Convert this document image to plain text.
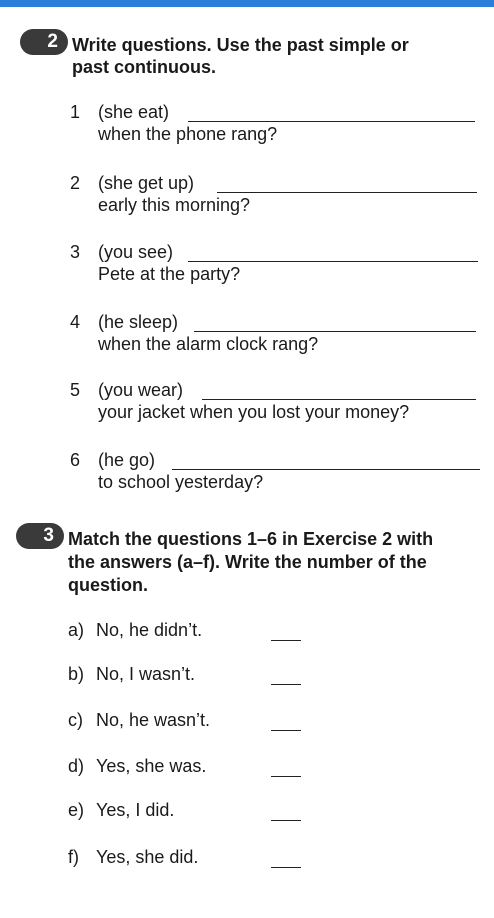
2 Write questions. Use the past simple or
past continuous.
1 (she eat)
when the phone rang?
2 (she get up)
early this morning?
3 (you see)
Pete at the party?
4 (he sleep)
when the alarm clock rang?
5 (you wear)
your jacket when you lost your money?
6 (he go)
to school yesterday?
3 Match the questions 1–6 in Exercise 2 with
the answers (a–f). Write the number of the
question.
a) No, he didn’t.
b) No, I wasn’t.
c) No, he wasn’t.
d) Yes, she was.
e) Yes, I did.
f) Yes, she did.
